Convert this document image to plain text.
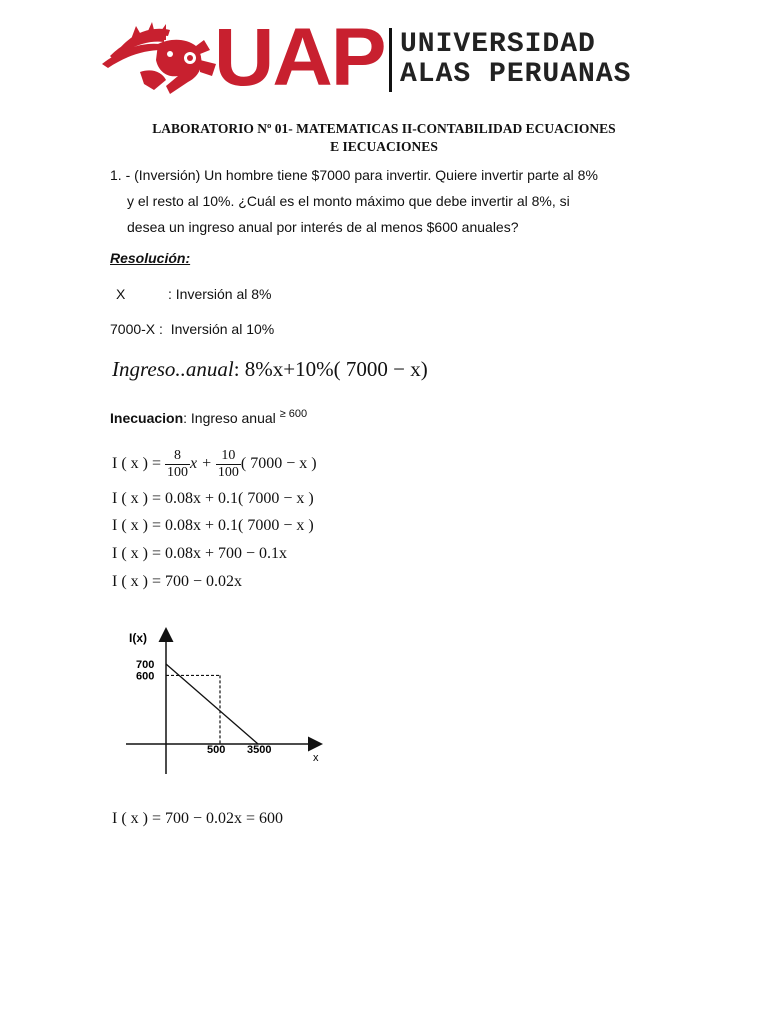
UAP UNIVERSIDAD
ALAS PERUANAS
LABORATORIO Nº 01- MATEMATICAS II-CONTABILIDAD ECUACIONES
E IECUACIONES
1. - (Inversión) Un hombre tiene $7000 para invertir. Quiere invertir parte al 8%
y el resto al 10%. ¿Cuál es el monto máximo que debe invertir al 8%, si
desea un ingreso anual por interés de al menos $600 anuales?
Resolución:
X	: Inversión al 8%
7000-X : Inversión al 10%
Ingreso..anual: 8%x+10%( 7000 − x)
Inecuacion: Ingreso anual $^{\ge 600}$
I ( x ) = $\frac{8}{100}$ $x + \frac{10}{100}$ ( 7000 − x )
I ( x ) = 0.08x + 0.1( 7000 − x )
I ( x ) = 0.08x + 0.1( 7000 − x )
I ( x ) = 0.08x + 700 − 0.1x
I ( x ) = 700 − 0.02x
700
600
500 3500
I(x)
x
I ( x ) = 700 − 0.02x = 600
